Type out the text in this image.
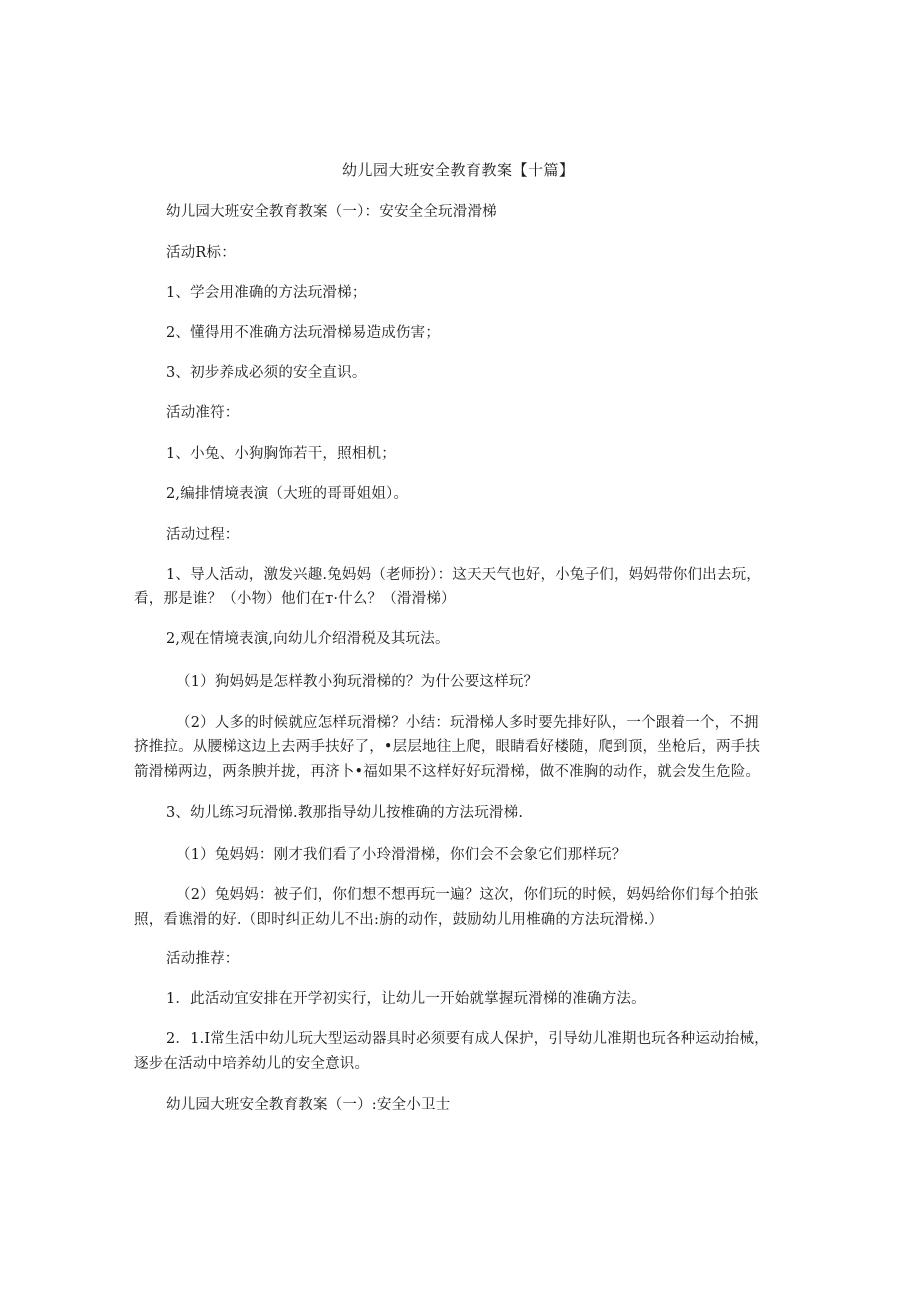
幼儿园大班安全教育教案【十篇】
幼儿园大班安全教育教案（一）：安安全全玩滑滑梯
活动R标：
1、学会用准确的方法玩滑梯；
2、懂得用不准确方法玩滑梯易造成伤害；
3、初步养成必须的安全直识。
活动准符：
1、小兔、小狗胸饰若干，照相机；
2,编排情境表演（大班的哥哥姐姐）。
活动过程：
1、导人活动，激发兴趣.兔妈妈（老师扮）：这天天气也好，小兔子们，妈妈带你们出去玩，
看，那是谁？（小物）他们在т·什么？（滑滑梯）
2,观在情境表演,向幼儿介绍滑税及其玩法。
（1）狗妈妈是怎样教小狗玩滑梯的？为什公要这样玩？
（2）人多的时候就应怎样玩滑梯？小结：玩滑梯人多时要先排好队，一个跟着一个，不拥
挤推拉。从腰梯这边上去两手扶好了，•层层地往上爬，眼睛看好楼随，爬到顶，坐枪后，两手扶
箭滑梯两边，两条腴并拢，再济卜•福如果不这样好好玩滑梯，做不准胸的动作，就会发生危险。
3、幼儿练习玩滑悌.教那指导幼儿按椎确的方法玩滑梯.
（1）兔妈妈：刚才我们看了小玲滑滑梯，你们会不会象它们那样玩？
（2）兔妈妈：被子们，你们想不想再玩一遍？这次，你们玩的时候，妈妈给你们每个拍张
照，看谯滑的好.（即时纠正幼儿不出:旃的动作，鼓励幼儿用椎确的方法玩滑梯.）
活动推荐：
1．此活动宜安排在开学初实行，让幼儿一开始就掌握玩滑梯的准确方法。
2．1.I常生活中幼儿玩大型运动器具时必须要有成人保护，引导幼儿准期也玩各种运动抬械，
逐步在活动中培养幼儿的安全意识。
幼儿园大班安全教育教案（一）:安全小卫士
